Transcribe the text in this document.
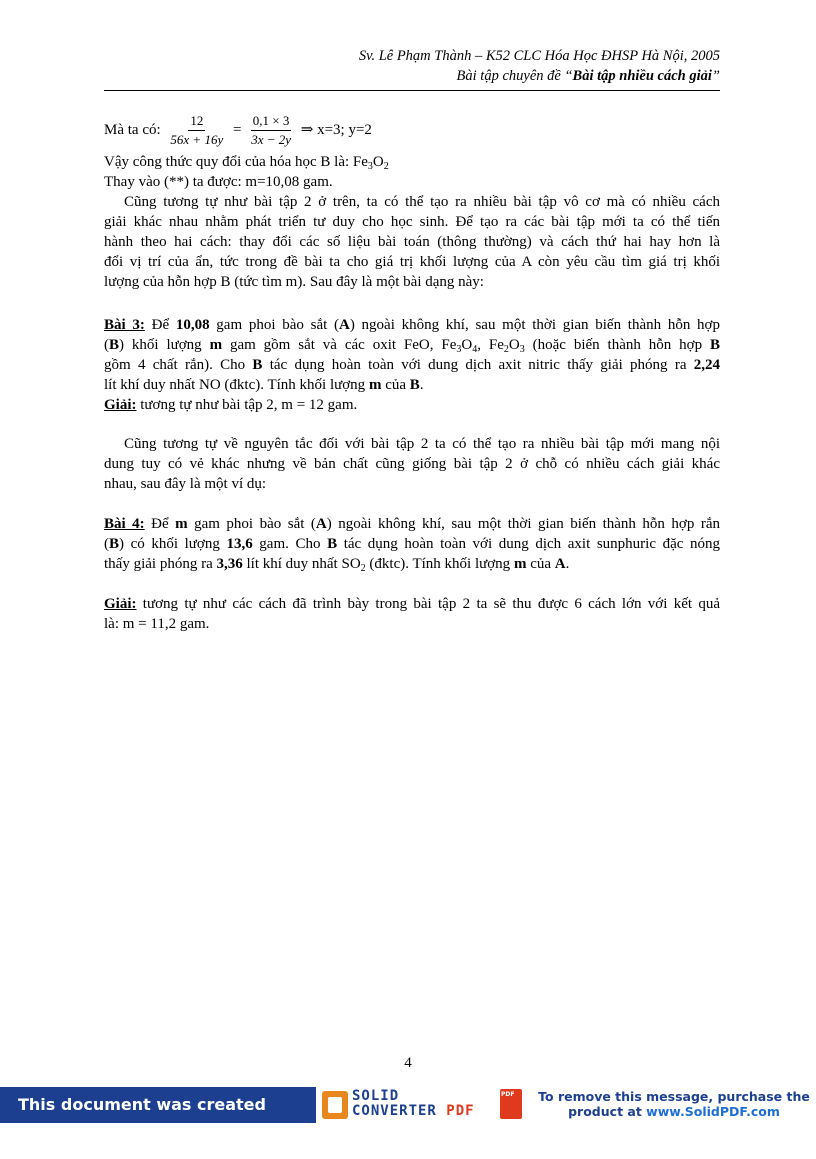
Sv. Lê Phạm Thành – K52 CLC Hóa Học ĐHSP Hà Nội, 2005
Bài tập chuyên đề “Bài tập nhiều cách giải”
Mà ta có: $\frac{12}{56x + 16y} = \frac{0,1 \times 3}{3x - 2y}$ ⇒ x=3; y=2
Vậy công thức quy đổi của hóa học B là: $Fe_3O_2$
Thay vào (**) ta được: m=10,08 gam.
Cũng tương tự như bài tập 2 ở trên, ta có thể tạo ra nhiều bài tập vô cơ mà có nhiều cách
giải khác nhau nhằm phát triển tư duy cho học sinh. Để tạo ra các bài tập mới ta có thể tiến
hành theo hai cách: thay đổi các số liệu bài toán (thông thường) và cách thứ hai hay hơn là
đổi vị trí của ẩn, tức trong đề bài ta cho giá trị khối lượng của A còn yêu cầu tìm giá trị khối
lượng của hỗn hợp B (tức tìm m). Sau đây là một bài dạng này:
Bài 3: Để 10,08 gam phoi bào sắt (A) ngoài không khí, sau một thời gian biến thành hỗn hợp
(B) khối lượng m gam gồm sắt và các oxit FeO, $Fe_3O_4$, $Fe_2O_3$ (hoặc biến thành hỗn hợp B
gồm 4 chất rắn). Cho B tác dụng hoàn toàn với dung dịch axit nitric thấy giải phóng ra 2,24
lít khí duy nhất NO (đktc). Tính khối lượng m của B.
Giải: tương tự như bài tập 2, m = 12 gam.
Cũng tương tự về nguyên tắc đối với bài tập 2 ta có thể tạo ra nhiều bài tập mới mang nội
dung tuy có vẻ khác nhưng về bản chất cũng giống bài tập 2 ở chỗ có nhiều cách giải khác
nhau, sau đây là một ví dụ:
Bài 4: Để m gam phoi bào sắt (A) ngoài không khí, sau một thời gian biến thành hỗn hợp rắn
(B) có khối lượng 13,6 gam. Cho B tác dụng hoàn toàn với dung dịch axit sunphuric đặc nóng
thấy giải phóng ra 3,36 lít khí duy nhất $SO_2$ (đktc). Tính khối lượng m của A.
Giải: tương tự như các cách đã trình bày trong bài tập 2 ta sẽ thu được 6 cách lớn với kết quả
là: m = 11,2 gam.
4
This document was created using
SOLID
CONVERTER PDF
PDF
To remove this message, purchase the
product at www.SolidPDF.com
